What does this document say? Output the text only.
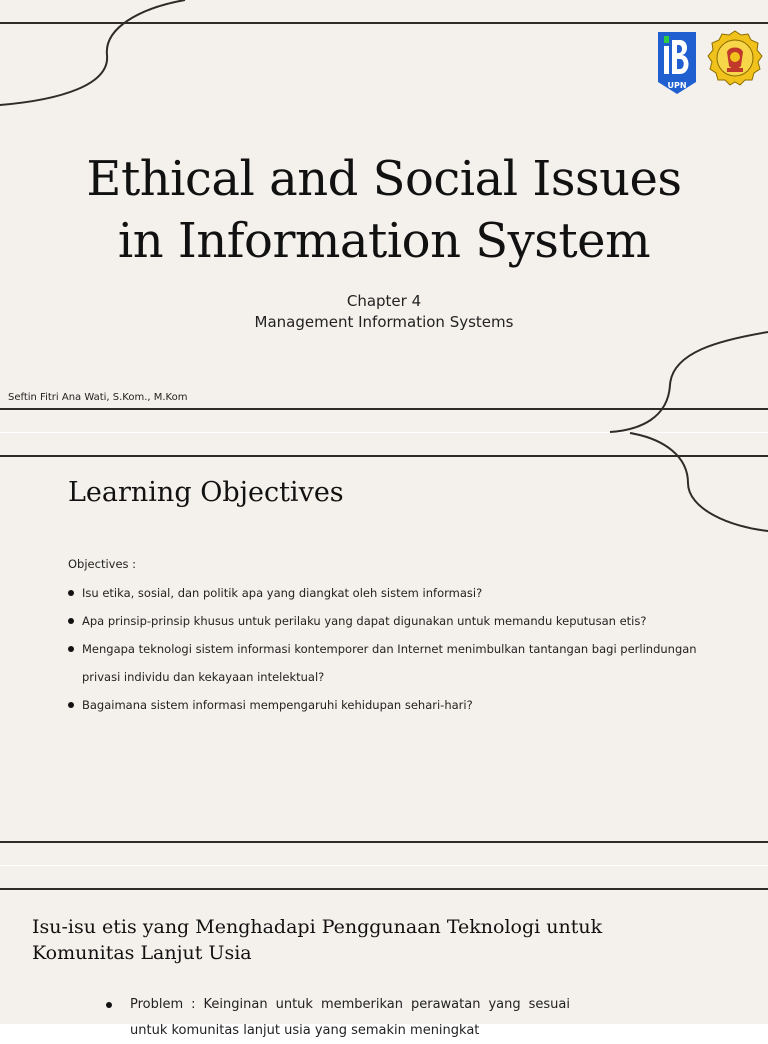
UPN
Ethical and Social Issues
in Information System
Chapter 4
Management Information Systems
Seftin Fitri Ana Wati, S.Kom., M.Kom
Learning Objectives
Objectives :
Isu etika, sosial, dan politik apa yang diangkat oleh sistem informasi?
Apa prinsip-prinsip khusus untuk perilaku yang dapat digunakan untuk memandu keputusan etis?
Mengapa teknologi sistem informasi kontemporer dan Internet menimbulkan tantangan bagi perlindungan privasi individu dan kekayaan intelektual?
Bagaimana sistem informasi mempengaruhi kehidupan sehari-hari?
Isu-isu etis yang Menghadapi Penggunaan Teknologi untuk
Komunitas Lanjut Usia
Problem : Keinginan untuk memberikan perawatan yang sesuai untuk komunitas lanjut usia yang semakin meningkat
